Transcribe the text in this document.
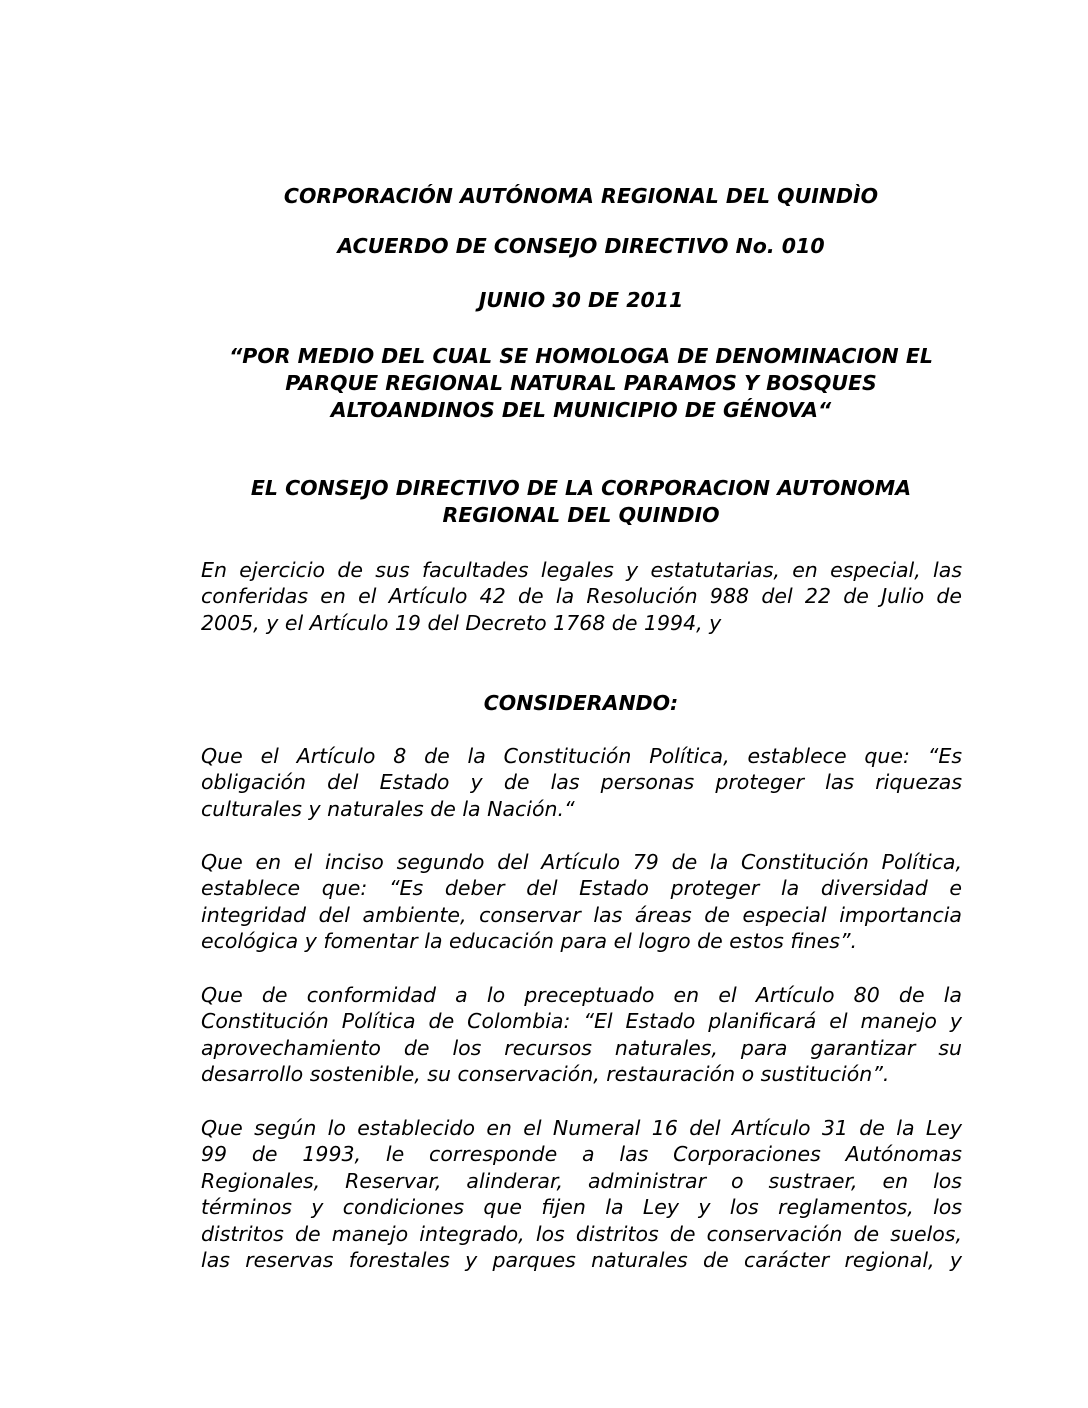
CORPORACIÓN AUTÓNOMA REGIONAL DEL QUINDÌO

ACUERDO DE CONSEJO DIRECTIVO No. 010

JUNIO 30 DE 2011

“POR MEDIO DEL CUAL SE HOMOLOGA DE DENOMINACION EL

PARQUE REGIONAL NATURAL PARAMOS Y BOSQUES

ALTOANDINOS DEL MUNICIPIO DE GÉNOVA“

EL CONSEJO DIRECTIVO DE LA CORPORACION AUTONOMA

REGIONAL DEL QUINDIO

En ejercicio de sus facultades legales y estatutarias, en especial, las
conferidas en el Artículo 42 de la Resolución 988 del 22 de Julio de
2005, y el Artículo 19 del Decreto 1768 de 1994, y

CONSIDERANDO:

Que el Artículo 8 de la Constitución Política, establece que: “Es
obligación del Estado y de las personas proteger las riquezas
culturales y naturales de la Nación.“
Que en el inciso segundo del Artículo 79 de la Constitución Política,
establece que: “Es deber del Estado proteger la diversidad e
integridad del ambiente, conservar las áreas de especial importancia
ecológica y fomentar la educación para el logro de estos fines”.
Que de conformidad a lo preceptuado en el Artículo 80 de la
Constitución Política de Colombia: “El Estado planificará el manejo y
aprovechamiento de los recursos naturales, para garantizar su
desarrollo sostenible, su conservación, restauración o sustitución”.
Que según lo establecido en el Numeral 16 del Artículo 31 de la Ley
99 de 1993, le corresponde a las Corporaciones Autónomas
Regionales, Reservar, alinderar, administrar o sustraer, en los
términos y condiciones que fijen la Ley y los reglamentos, los
distritos de manejo integrado, los distritos de conservación de suelos,
las reservas forestales y parques naturales de carácter regional, y
